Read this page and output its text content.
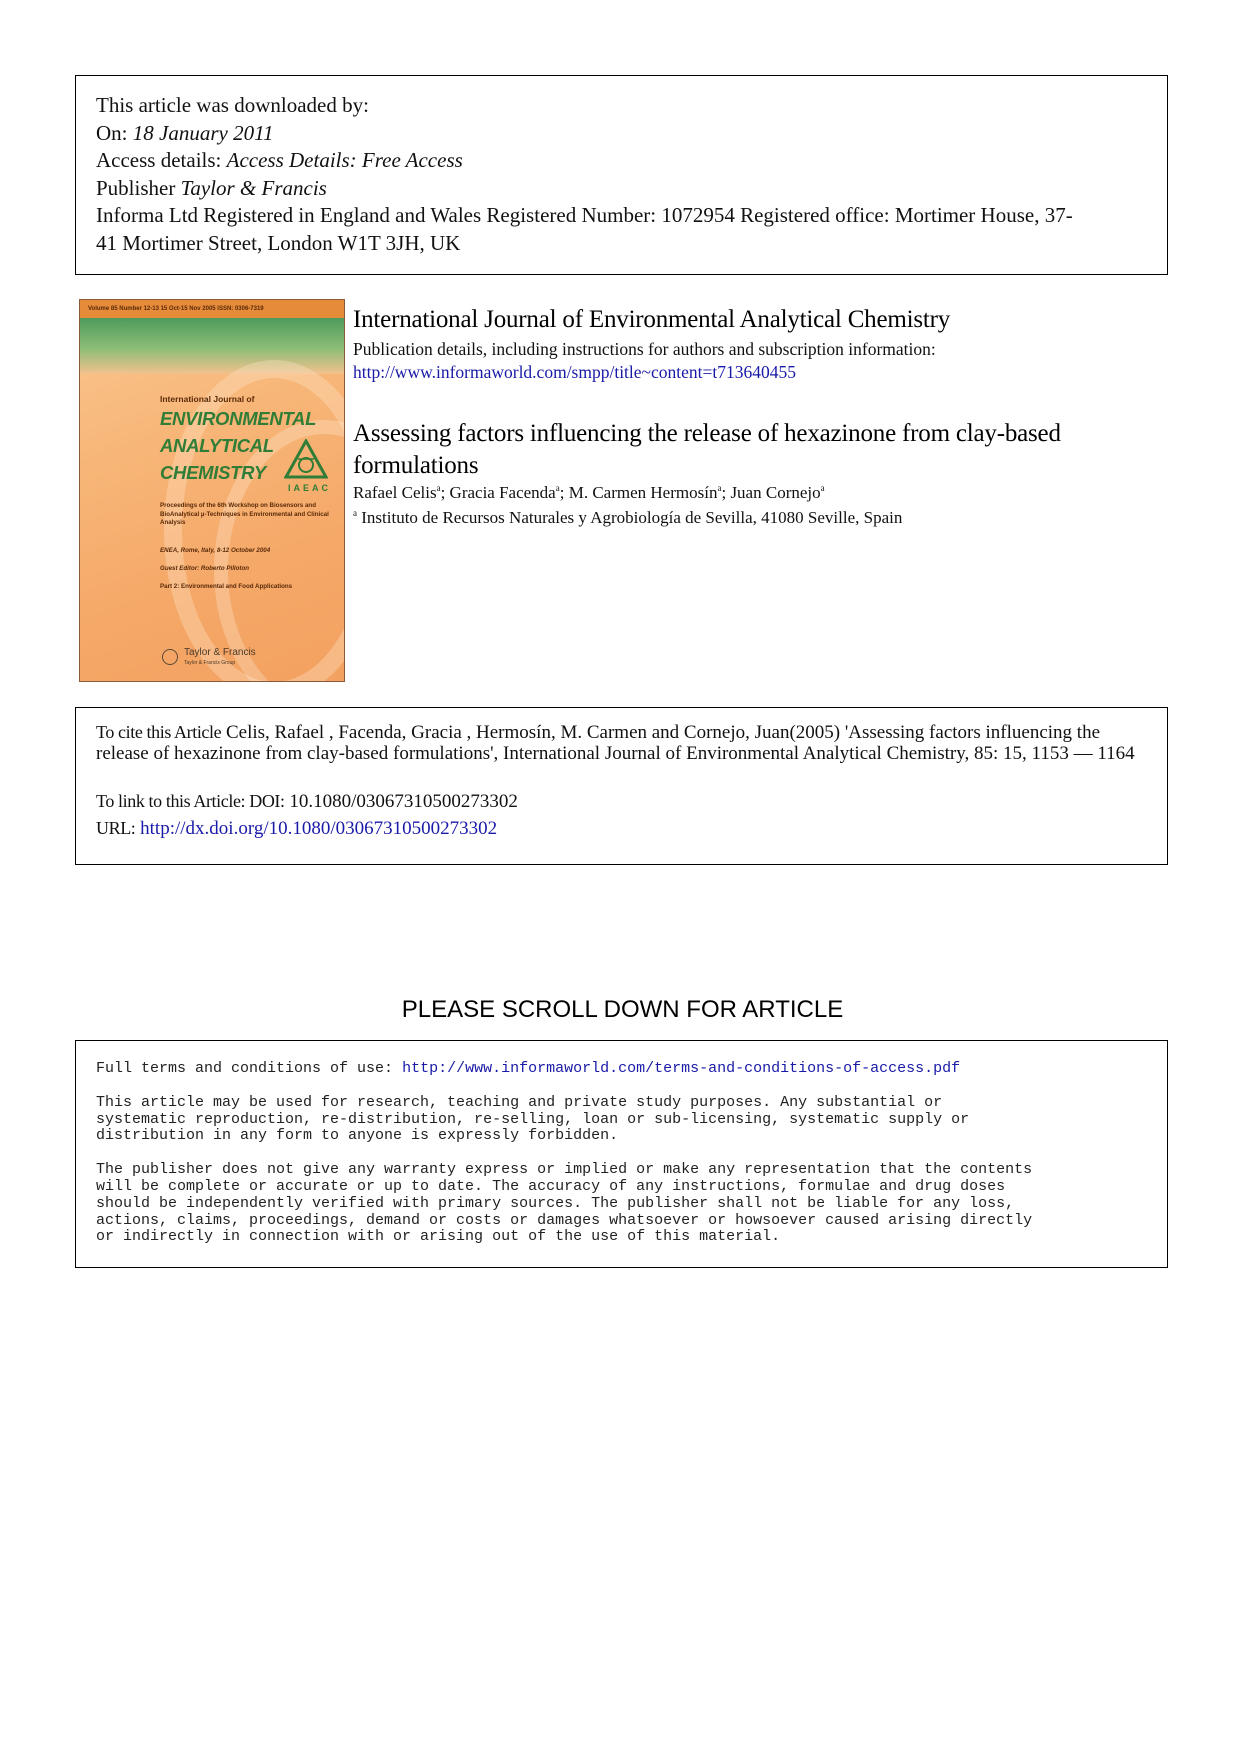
This article was downloaded by:
On: 18 January 2011
Access details: Access Details: Free Access
Publisher Taylor & Francis
Informa Ltd Registered in England and Wales Registered Number: 1072954 Registered office: Mortimer House, 37-
41 Mortimer Street, London W1T 3JH, UK
Volume 85 Number 12-13 15 Oct-15 Nov 2005 ISSN: 0306-7319
International Journal of
ENVIRONMENTAL
ANALYTICAL
CHEMISTRY
IAEAC
Proceedings of the 6th Workshop on Biosensors and BioAnalytical µ-Techniques in Environmental and Clinical Analysis
ENEA, Rome, Italy, 8-12 October 2004
Guest Editor: Roberto Pilloton
Part 2: Environmental and Food Applications
Taylor & Francis
Taylor & Francis Group
International Journal of Environmental Analytical Chemistry
Publication details, including instructions for authors and subscription information:
http://www.informaworld.com/smpp/title~content=t713640455
Assessing factors influencing the release of hexazinone from clay-based formulations
Rafael Celis$^a$; Gracia Facenda$^a$; M. Carmen Hermosín$^a$; Juan Cornejo$^a$
$^a$ Instituto de Recursos Naturales y Agrobiología de Sevilla, 41080 Seville, Spain

To cite this Article Celis, Rafael , Facenda, Gracia , Hermosín, M. Carmen and Cornejo, Juan(2005) 'Assessing factors influencing the release of hexazinone from clay-based formulations', International Journal of Environmental Analytical Chemistry, 85: 15, 1153 — 1164

To link to this Article: DOI: 10.1080/03067310500273302
URL: http://dx.doi.org/10.1080/03067310500273302
PLEASE SCROLL DOWN FOR ARTICLE

Full terms and conditions of use: http://www.informaworld.com/terms-and-conditions-of-access.pdf

This article may be used for research, teaching and private study purposes. Any substantial or
systematic reproduction, re-distribution, re-selling, loan or sub-licensing, systematic supply or
distribution in any form to anyone is expressly forbidden.

The publisher does not give any warranty express or implied or make any representation that the contents
will be complete or accurate or up to date. The accuracy of any instructions, formulae and drug doses
should be independently verified with primary sources. The publisher shall not be liable for any loss,
actions, claims, proceedings, demand or costs or damages whatsoever or howsoever caused arising directly
or indirectly in connection with or arising out of the use of this material.
